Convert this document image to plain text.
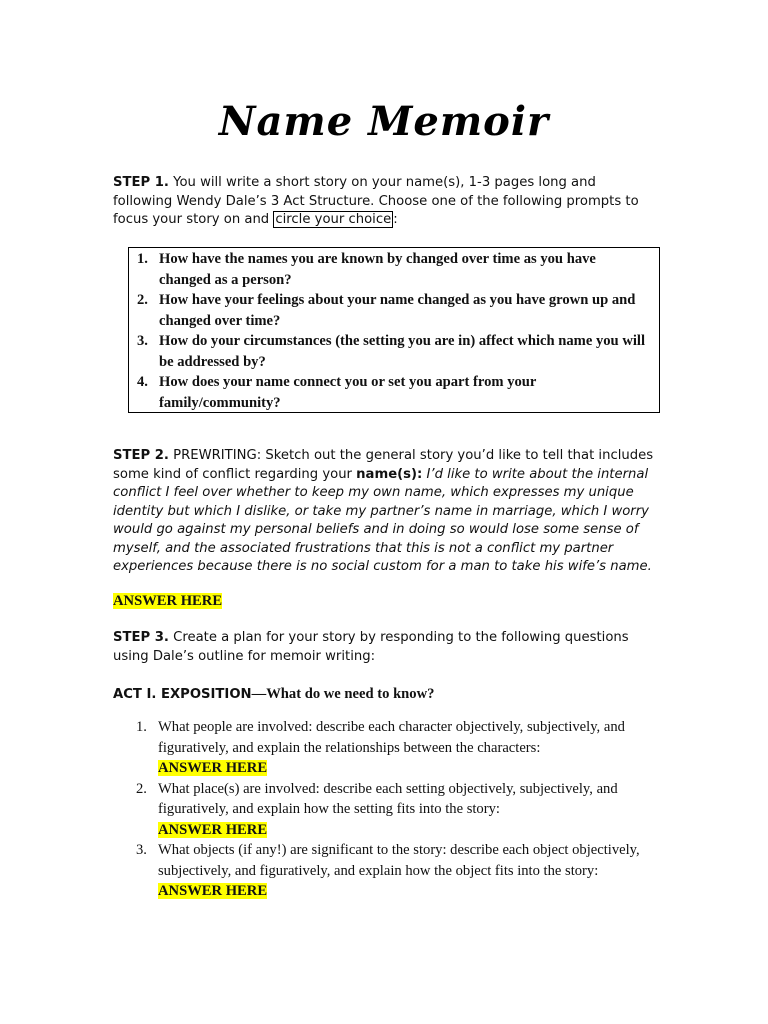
Name Memoir
STEP 1. You will write a short story on your name(s), 1-3 pages long and following Wendy Dale’s 3 Act Structure. Choose one of the following prompts to focus your story on and circle your choice :
1. How have the names you are known by changed over time as you have changed as a person?
2. How have your feelings about your name changed as you have grown up and changed over time?
3. How do your circumstances (the setting you are in) affect which name you will be addressed by?
4. How does your name connect you or set you apart from your family/community?
STEP 2. PREWRITING: Sketch out the general story you’d like to tell that includes some kind of conflict regarding your name(s): I’d like to write about the internal conflict I feel over whether to keep my own name, which expresses my unique identity but which I dislike, or take my partner’s name in marriage, which I worry would go against my personal beliefs and in doing so would lose some sense of myself, and the associated frustrations that this is not a conflict my partner experiences because there is no social custom for a man to take his wife’s name.
ANSWER HERE
STEP 3. Create a plan for your story by responding to the following questions using Dale’s outline for memoir writing:
ACT I. EXPOSITION—What do we need to know?
1. What people are involved: describe each character objectively, subjectively, and figuratively, and explain the relationships between the characters:
ANSWER HERE
2. What place(s) are involved: describe each setting objectively, subjectively, and figuratively, and explain how the setting fits into the story:
ANSWER HERE
3. What objects (if any!) are significant to the story: describe each object objectively, subjectively, and figuratively, and explain how the object fits into the story:
ANSWER HERE
